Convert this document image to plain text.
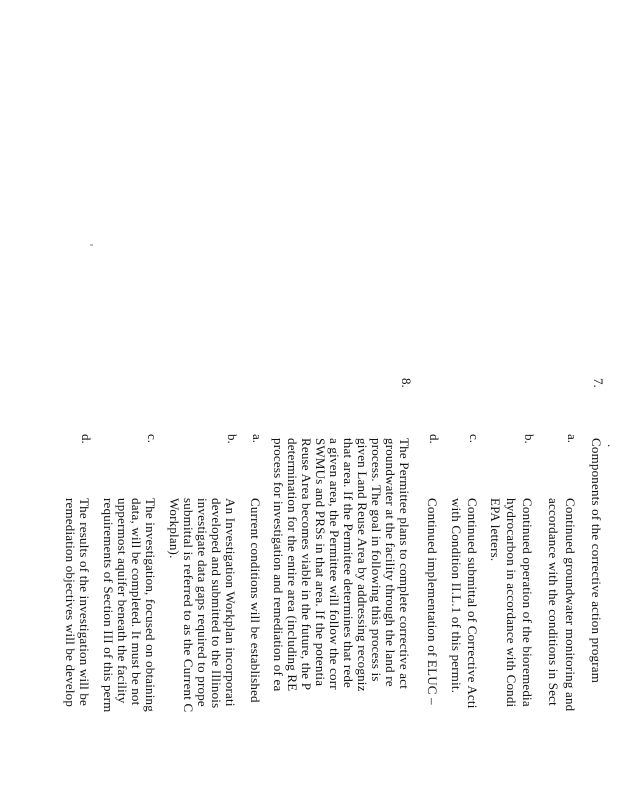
.
7.
Components of the corrective action program
a.
Continued groundwater monitoring and
accordance with the conditions in Sect
b.
Continued operation of the bioremedia
hydrocarbon in accordance with Condi
EPA letters.
c.
Continued submittal of Corrective Acti
with Condition II.L.1 of this permit.
d.
Continued implementation of ELUC –
8.
The Permittee plans to complete corrective act
groundwater at the facility through the land re
process. The goal in following this process is
given Land Reuse Area by addressing recogniz
that area. If the Permittee determines that rede
a given area, the Permittee will follow the corr
SWMUs and PRSs in that area. If the potentia
Reuse Area becomes viable in the future, the P
determination for the entire area (including RE
process for investigation and remediation of ea
a.
Current conditions will be established
b.
An Investigation Workplan incorporati
developed and submitted to the Illinois
investigate data gaps required to prope
submittal is referred to as the Current C
Workplan).
c.
The investigation, focused on obtaining
data, will be completed. It must be not
uppermost aquifer beneath the facility
requirements of Section III of this perm
d.
The results of the investigation will be
remediation objectives will be develop
